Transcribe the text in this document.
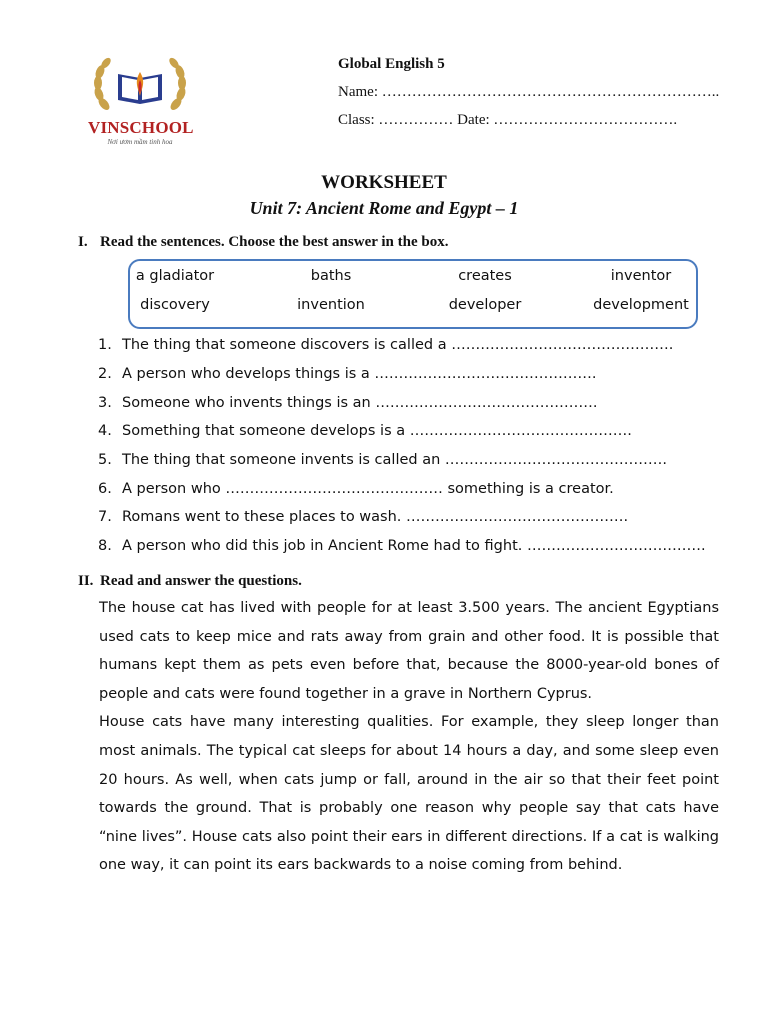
VINSCHOOL
Nơi ươm mầm tinh hoa
Global English 5
Name: …………………………………………………………..
Class: …………… Date: ……………………………….
WORKSHEET
Unit 7: Ancient Rome and Egypt – 1
I. Read the sentences. Choose the best answer in the box.
a gladiator	baths	creates	inventor
discovery	invention	developer	development
1. The thing that someone discovers is called a ……………………………………….
2. A person who develops things is a ……………………………………….
3. Someone who invents things is an ……………………………………….
4. Something that someone develops is a ……………………………………….
5. The thing that someone invents is called an ……………………………………….
6. A person who ……………………………………… something is a creator.
7. Romans went to these places to wash. ……………………………………….
8. A person who did this job in Ancient Rome had to fight. ……………………………….
II. Read and answer the questions.

The house cat has lived with people for at least 3.500 years. The ancient Egyptians used cats to keep mice and rats away from grain and other food. It is possible that humans kept them as pets even before that, because the 8000-year-old bones of people and cats were found together in a grave in Northern Cyprus.

House cats have many interesting qualities. For example, they sleep longer than most animals. The typical cat sleeps for about 14 hours a day, and some sleep even 20 hours. As well, when cats jump or fall, around in the air so that their feet point towards the ground. That is probably one reason why people say that cats have “nine lives”. House cats also point their ears in different directions. If a cat is walking one way, it can point its ears backwards to a noise coming from behind.
